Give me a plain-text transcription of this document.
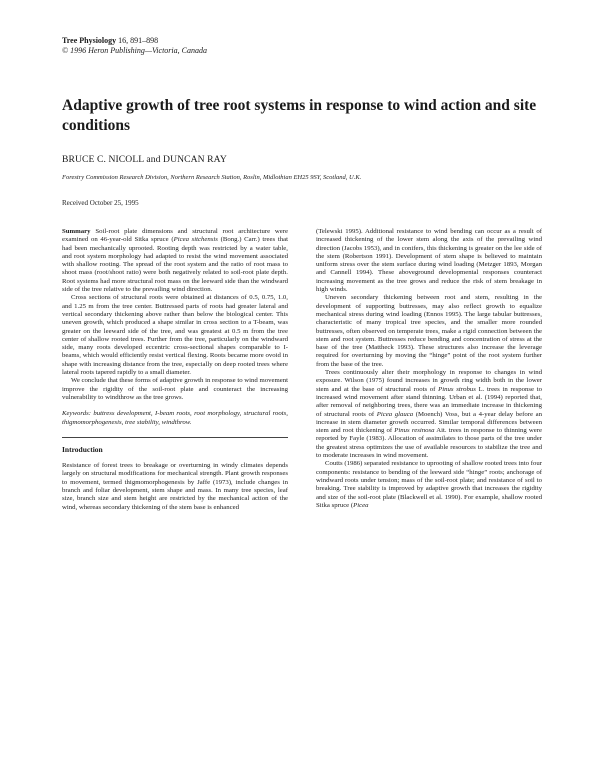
Tree Physiology 16, 891–898
© 1996 Heron Publishing—Victoria, Canada
Adaptive growth of tree root systems in response to wind action and site conditions
BRUCE C. NICOLL and DUNCAN RAY
Forestry Commission Research Division, Northern Research Station, Roslin, Midlothian EH25 9SY, Scotland, U.K.
Received October 25, 1995

Summary Soil-root plate dimensions and structural root architecture were examined on 46-year-old Sitka spruce (Picea sitchensis (Bong.) Carr.) trees that had been mechanically uprooted. Rooting depth was restricted by a water table, and root system morphology had adapted to resist the wind movement associated with shallow rooting. The spread of the root system and the ratio of root mass to shoot mass (root/shoot ratio) were both negatively related to soil-root plate depth. Root systems had more structural root mass on the leeward side than the windward side of the tree relative to the prevailing wind direction.

Cross sections of structural roots were obtained at distances of 0.5, 0.75, 1.0, and 1.25 m from the tree center. Buttressed parts of roots had greater lateral and vertical secondary thickening above rather than below the biological center. This uneven growth, which produced a shape similar in cross section to a T-beam, was greater on the leeward side of the tree, and was greatest at 0.5 m from the tree center of shallow rooted trees. Further from the tree, particularly on the windward side, many roots developed eccentric cross-sectional shapes comparable to I-beams, which would efficiently resist vertical flexing. Roots became more ovoid in shape with increasing distance from the tree, especially on deep rooted trees where lateral roots tapered rapidly to a small diameter.

We conclude that these forms of adaptive growth in response to wind movement improve the rigidity of the soil-root plate and counteract the increasing vulnerability to windthrow as the tree grows.

Keywords: buttress development, I-beam roots, root morphology, structural roots, thigmomorphogenesis, tree stability, windthrow.

Introduction

Resistance of forest trees to breakage or overturning in windy climates depends largely on structural modifications for mechanical strength. Plant growth responses to movement, termed thigmomorphogenesis by Jaffe (1973), include changes in branch and foliar development, stem shape and mass. In many tree species, leaf size, branch size and stem height are restricted by the mechanical action of the wind, whereas secondary thickening of the stem base is enhanced

(Telewski 1995). Additional resistance to wind bending can occur as a result of increased thickening of the lower stem along the axis of the prevailing wind direction (Jacobs 1953), and in conifers, this thickening is greater on the lee side of the stem (Robertson 1991). Development of stem shape is believed to maintain uniform stress over the stem surface during wind loading (Metzger 1893, Morgan and Cannell 1994). These aboveground developmental responses counteract increasing movement as the tree grows and reduce the risk of stem breakage in high winds.

Uneven secondary thickening between root and stem, resulting in the development of supporting buttresses, may also reflect growth to equalize mechanical stress during wind loading (Ennos 1995). The large tabular buttresses, characteristic of many tropical tree species, and the smaller more rounded buttresses, often observed on temperate trees, make a rigid connection between the stem and root system. Buttresses reduce bending and concentration of stress at the base of the tree (Mattheck 1993). These structures also increase the leverage required for overturning by moving the “hinge” point of the root system further from the base of the tree.

Trees continuously alter their morphology in response to changes in wind exposure. Wilson (1975) found increases in growth ring width both in the lower stem and at the base of structural roots of Pinus strobus L. trees in response to increased wind movement after stand thinning. Urban et al. (1994) reported that, after removal of neighboring trees, there was an immediate increase in thickening of structural roots of Picea glauca (Moench) Voss, but a 4-year delay before an increase in stem diameter growth occurred. Similar temporal differences between stem and root thickening of Pinus resinosa Ait. trees in response to thinning were reported by Fayle (1983). Allocation of assimilates to those parts of the tree under the greatest stress optimizes the use of available resources to stabilize the tree and to moderate increases in wind movement.

Coutts (1986) separated resistance to uprooting of shallow rooted trees into four components: resistance to bending of the leeward side “hinge” roots; anchorage of windward roots under tension; mass of the soil-root plate; and resistance of soil to breaking. Tree stability is improved by adaptive growth that increases the rigidity and size of the soil-root plate (Blackwell et al. 1990). For example, shallow rooted Sitka spruce (Picea
